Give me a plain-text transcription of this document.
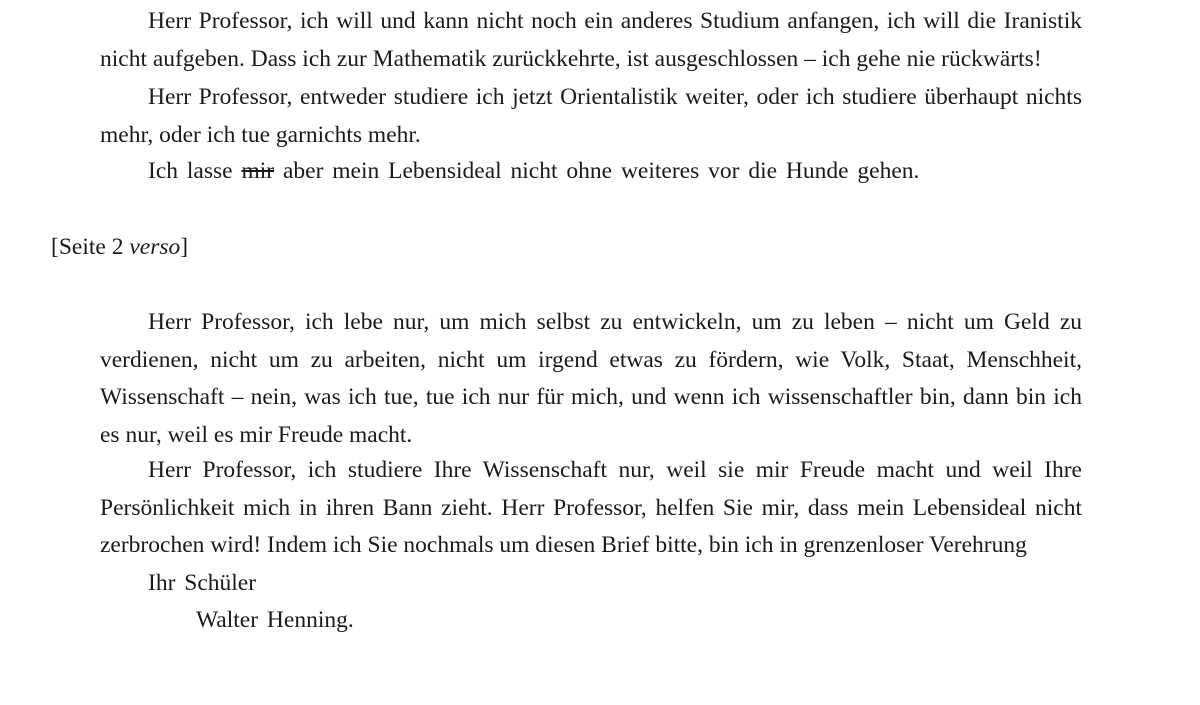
Herr Professor, ich will und kann nicht noch ein anderes Studium anfangen, ich will die Iranistik nicht aufgeben. Dass ich zur Mathematik zurückkehrte, ist ausgeschlossen – ich gehe nie rückwärts!

Herr Professor, entweder studiere ich jetzt Orientalistik weiter, oder ich studiere überhaupt nichts mehr, oder ich tue garnichts mehr.

Ich lasse mir aber mein Lebensideal nicht ohne weiteres vor die Hunde gehen.

[Seite 2 verso]

Herr Professor, ich lebe nur, um mich selbst zu entwickeln, um zu leben – nicht um Geld zu verdienen, nicht um zu arbeiten, nicht um irgend etwas zu fördern, wie Volk, Staat, Menschheit, Wissenschaft – nein, was ich tue, tue ich nur für mich, und wenn ich wissenschaftler bin, dann bin ich es nur, weil es mir Freude macht.

Herr Professor, ich studiere Ihre Wissenschaft nur, weil sie mir Freude macht und weil Ihre Persönlichkeit mich in ihren Bann zieht. Herr Professor, helfen Sie mir, dass mein Lebensideal nicht zerbrochen wird! Indem ich Sie nochmals um diesen Brief bitte, bin ich in grenzenloser Verehrung

Ihr Schüler

Walter Henning.
